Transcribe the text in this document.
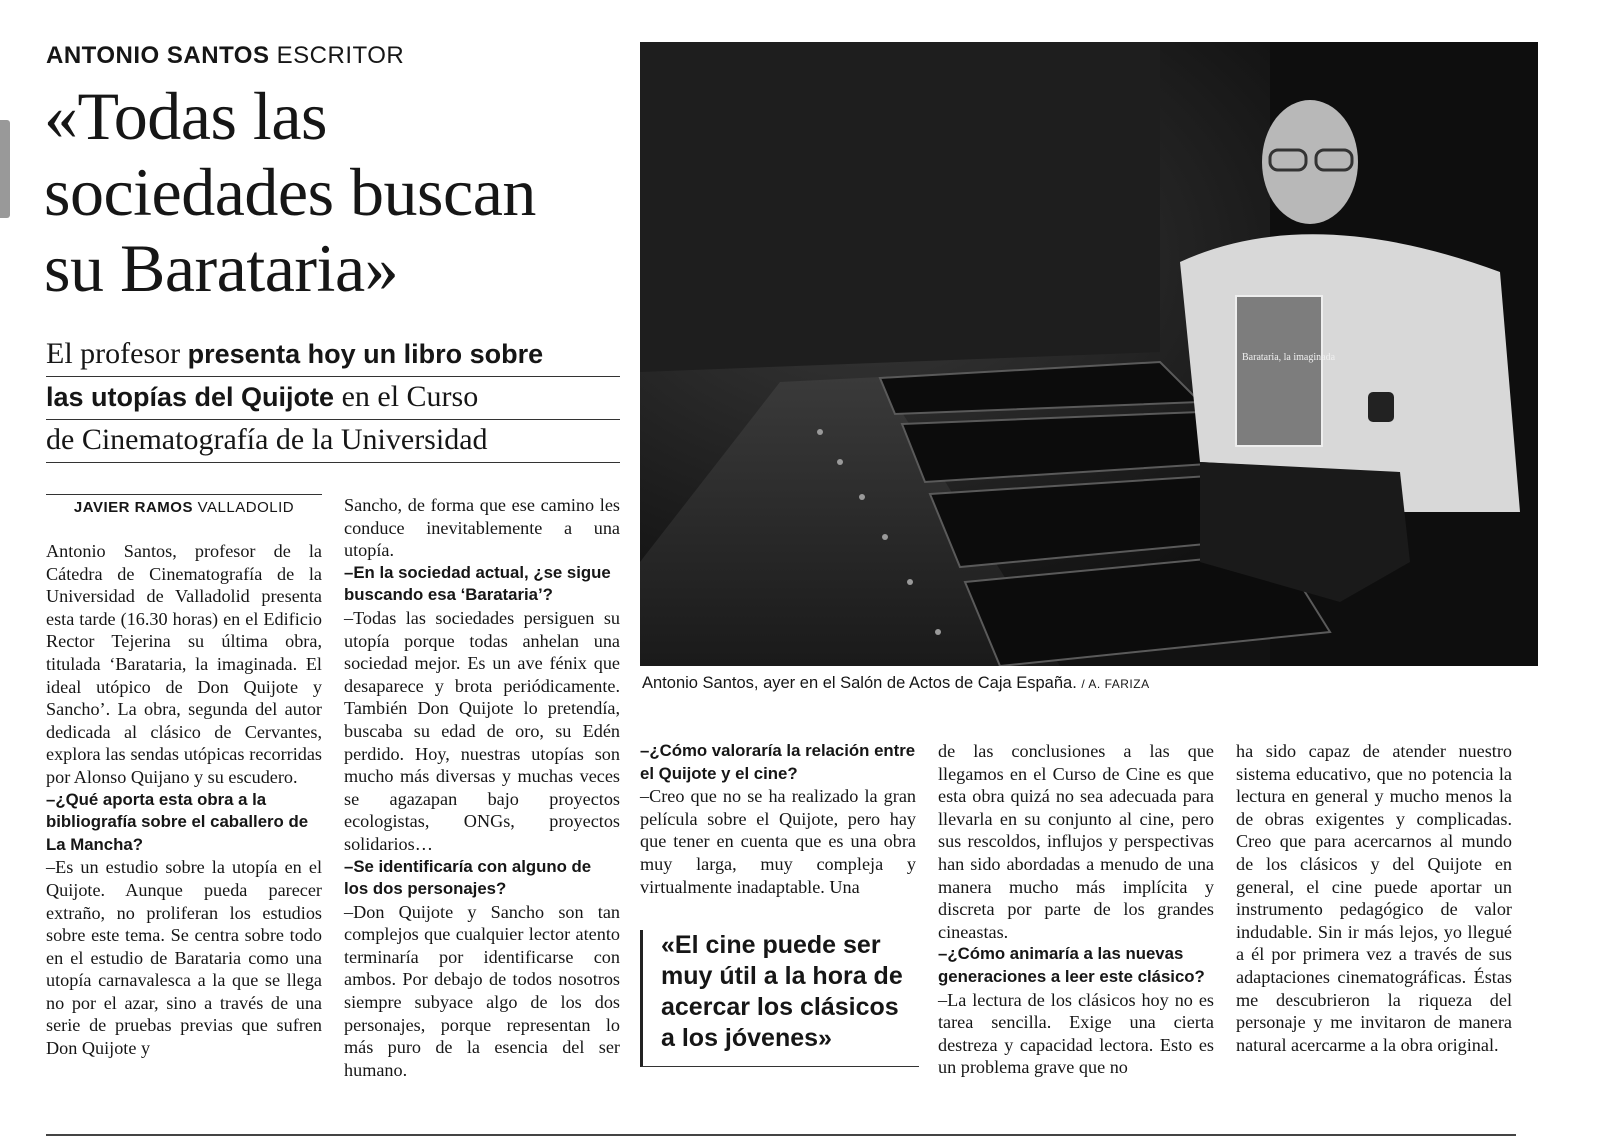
ANTONIO SANTOS ESCRITOR
«Todas las
sociedades buscan
su Barataria»
El profesor presenta hoy un libro sobre
las utopías del Quijote en el Curso
de Cinematografía de la Universidad
JAVIER RAMOS VALLADOLID

Antonio Santos, profesor de la Cátedra de Cinematografía de la Universidad de Valladolid presenta esta tarde (16.30 horas) en el Edificio Rector Tejerina su última obra, titulada ‘Barataria, la imaginada. El ideal utópico de Don Quijote y Sancho’. La obra, segunda del autor dedicada al clásico de Cervantes, explora las sendas utópicas recorridas por Alonso Quijano y su escudero.

–¿Qué aporta esta obra a la bibliografía sobre el caballero de La Mancha?

–Es un estudio sobre la utopía en el Quijote. Aunque pueda parecer extraño, no proliferan los estudios sobre este tema. Se centra sobre todo en el estudio de Barataria como una utopía carnavalesca a la que se llega no por el azar, sino a través de una serie de pruebas previas que sufren Don Quijote y

Sancho, de forma que ese camino les conduce inevitablemente a una utopía.

–En la sociedad actual, ¿se sigue buscando esa ‘Barataria’?

–Todas las sociedades persiguen su utopía porque todas anhelan una sociedad mejor. Es un ave fénix que desaparece y brota periódicamente. También Don Quijote lo pretendía, buscaba su edad de oro, su Edén perdido. Hoy, nuestras utopías son mucho más diversas y muchas veces se agazapan bajo proyectos ecologistas, ONGs, proyectos solidarios…

–Se identificaría con alguno de los dos personajes?

–Don Quijote y Sancho son tan complejos que cualquier lector atento terminaría por identificarse con ambos. Por debajo de todos nosotros siempre subyace algo de los dos personajes, porque representan lo más puro de la esencia del ser humano.

Barataria, la imaginada
Antonio Santos, ayer en el Salón de Actos de Caja España. / A. FARIZA

–¿Cómo valoraría la relación entre el Quijote y el cine?

–Creo que no se ha realizado la gran película sobre el Quijote, pero hay que tener en cuenta que es una obra muy larga, muy compleja y virtualmente inadaptable. Una

«El cine puede ser muy útil a la hora de acercar los clásicos a los jóvenes»

de las conclusiones a las que llegamos en el Curso de Cine es que esta obra quizá no sea adecuada para llevarla en su conjunto al cine, pero sus rescoldos, influjos y perspectivas han sido abordadas a menudo de una manera mucho más implícita y discreta por parte de los grandes cineastas.

–¿Cómo animaría a las nuevas generaciones a leer este clásico?

–La lectura de los clásicos hoy no es tarea sencilla. Exige una cierta destreza y capacidad lectora. Esto es un problema grave que no

ha sido capaz de atender nuestro sistema educativo, que no potencia la lectura en general y mucho menos la de obras exigentes y complicadas. Creo que para acercarnos al mundo de los clásicos y del Quijote en general, el cine puede aportar un instrumento pedagógico de valor indudable. Sin ir más lejos, yo llegué a él por primera vez a través de sus adaptaciones cinematográficas. Éstas me descubrieron la riqueza del personaje y me invitaron de manera natural acercarme a la obra original.
